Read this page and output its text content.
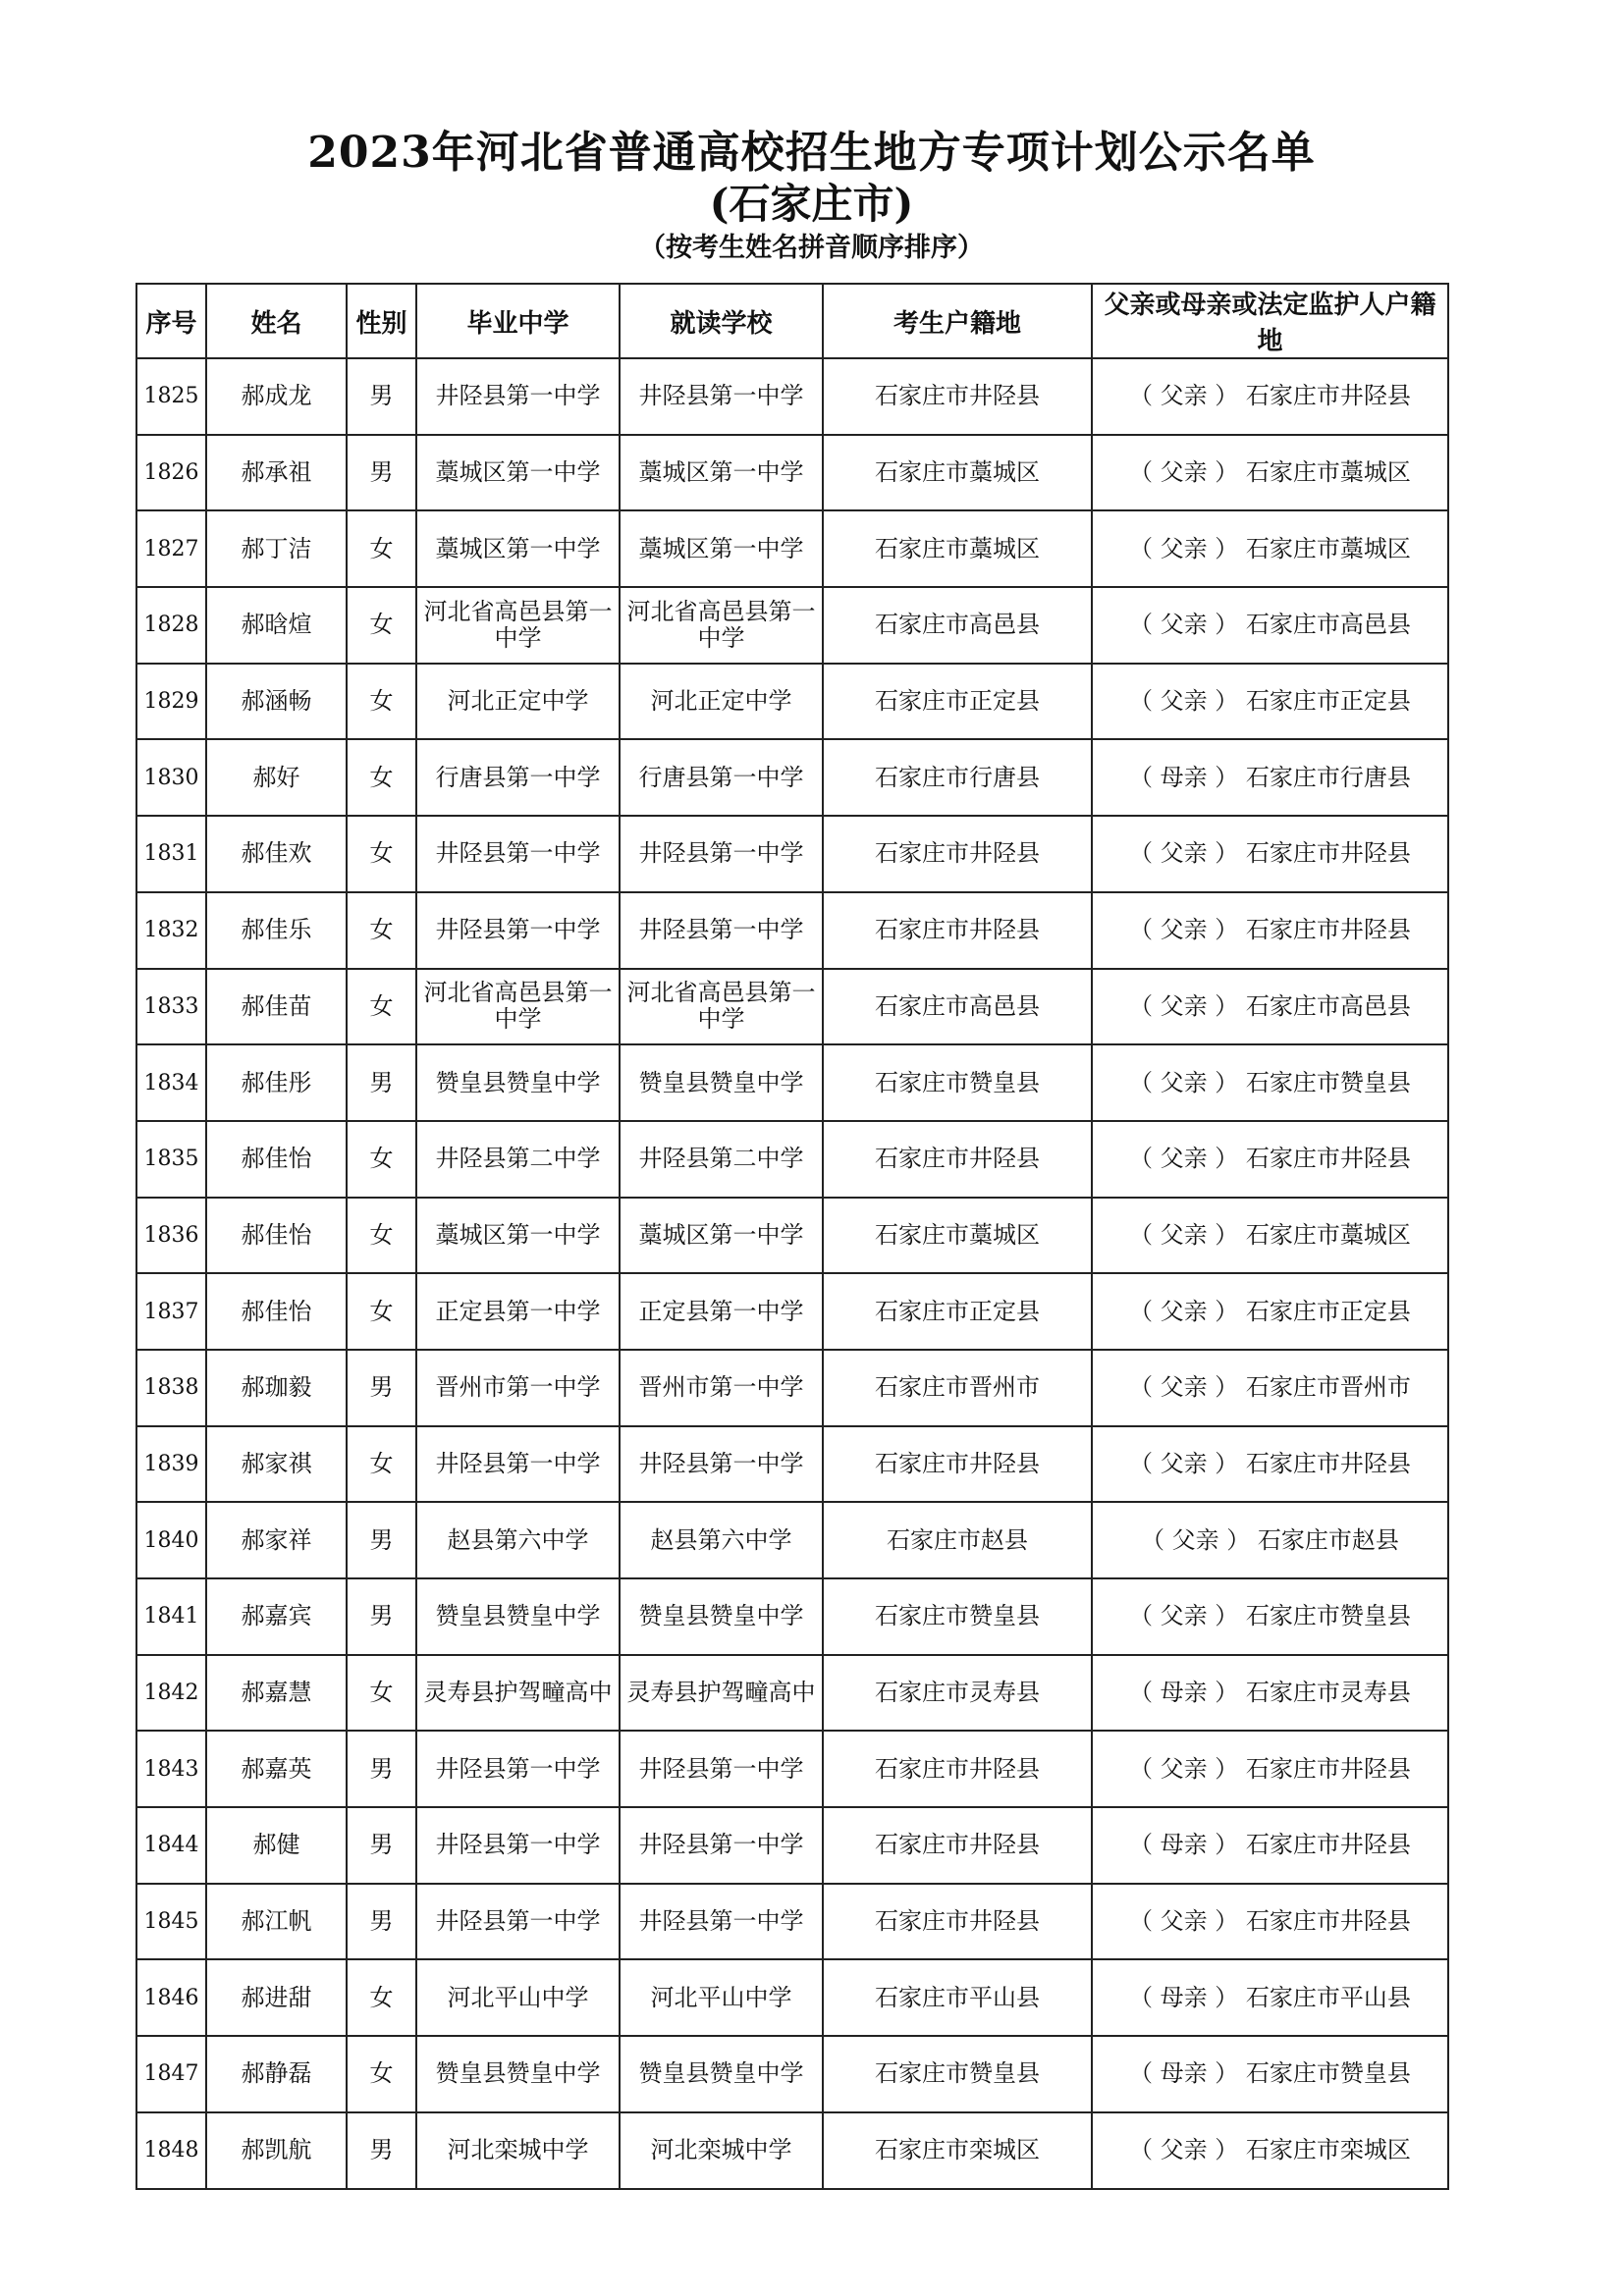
2023年河北省普通高校招生地方专项计划公示名单
(石家庄市)
（按考生姓名拼音顺序排序）
序号	姓名	性别	毕业中学	就读学校	考生户籍地	父亲或母亲或法定监护人户籍地
1825	郝成龙	男	井陉县第一中学	井陉县第一中学	石家庄市井陉县	（ 父亲 ） 石家庄市井陉县
1826	郝承祖	男	藁城区第一中学	藁城区第一中学	石家庄市藁城区	（ 父亲 ） 石家庄市藁城区
1827	郝丁洁	女	藁城区第一中学	藁城区第一中学	石家庄市藁城区	（ 父亲 ） 石家庄市藁城区
1828	郝晗煊	女	河北省高邑县第一中学	河北省高邑县第一中学	石家庄市高邑县	（ 父亲 ） 石家庄市高邑县
1829	郝涵畅	女	河北正定中学	河北正定中学	石家庄市正定县	（ 父亲 ） 石家庄市正定县
1830	郝好	女	行唐县第一中学	行唐县第一中学	石家庄市行唐县	（ 母亲 ） 石家庄市行唐县
1831	郝佳欢	女	井陉县第一中学	井陉县第一中学	石家庄市井陉县	（ 父亲 ） 石家庄市井陉县
1832	郝佳乐	女	井陉县第一中学	井陉县第一中学	石家庄市井陉县	（ 父亲 ） 石家庄市井陉县
1833	郝佳苗	女	河北省高邑县第一中学	河北省高邑县第一中学	石家庄市高邑县	（ 父亲 ） 石家庄市高邑县
1834	郝佳彤	男	赞皇县赞皇中学	赞皇县赞皇中学	石家庄市赞皇县	（ 父亲 ） 石家庄市赞皇县
1835	郝佳怡	女	井陉县第二中学	井陉县第二中学	石家庄市井陉县	（ 父亲 ） 石家庄市井陉县
1836	郝佳怡	女	藁城区第一中学	藁城区第一中学	石家庄市藁城区	（ 父亲 ） 石家庄市藁城区
1837	郝佳怡	女	正定县第一中学	正定县第一中学	石家庄市正定县	（ 父亲 ） 石家庄市正定县
1838	郝珈毅	男	晋州市第一中学	晋州市第一中学	石家庄市晋州市	（ 父亲 ） 石家庄市晋州市
1839	郝家祺	女	井陉县第一中学	井陉县第一中学	石家庄市井陉县	（ 父亲 ） 石家庄市井陉县
1840	郝家祥	男	赵县第六中学	赵县第六中学	石家庄市赵县	（ 父亲 ） 石家庄市赵县
1841	郝嘉宾	男	赞皇县赞皇中学	赞皇县赞皇中学	石家庄市赞皇县	（ 父亲 ） 石家庄市赞皇县
1842	郝嘉慧	女	灵寿县护驾疃高中	灵寿县护驾疃高中	石家庄市灵寿县	（ 母亲 ） 石家庄市灵寿县
1843	郝嘉英	男	井陉县第一中学	井陉县第一中学	石家庄市井陉县	（ 父亲 ） 石家庄市井陉县
1844	郝健	男	井陉县第一中学	井陉县第一中学	石家庄市井陉县	（ 母亲 ） 石家庄市井陉县
1845	郝江帆	男	井陉县第一中学	井陉县第一中学	石家庄市井陉县	（ 父亲 ） 石家庄市井陉县
1846	郝进甜	女	河北平山中学	河北平山中学	石家庄市平山县	（ 母亲 ） 石家庄市平山县
1847	郝静磊	女	赞皇县赞皇中学	赞皇县赞皇中学	石家庄市赞皇县	（ 母亲 ） 石家庄市赞皇县
1848	郝凯航	男	河北栾城中学	河北栾城中学	石家庄市栾城区	（ 父亲 ） 石家庄市栾城区
